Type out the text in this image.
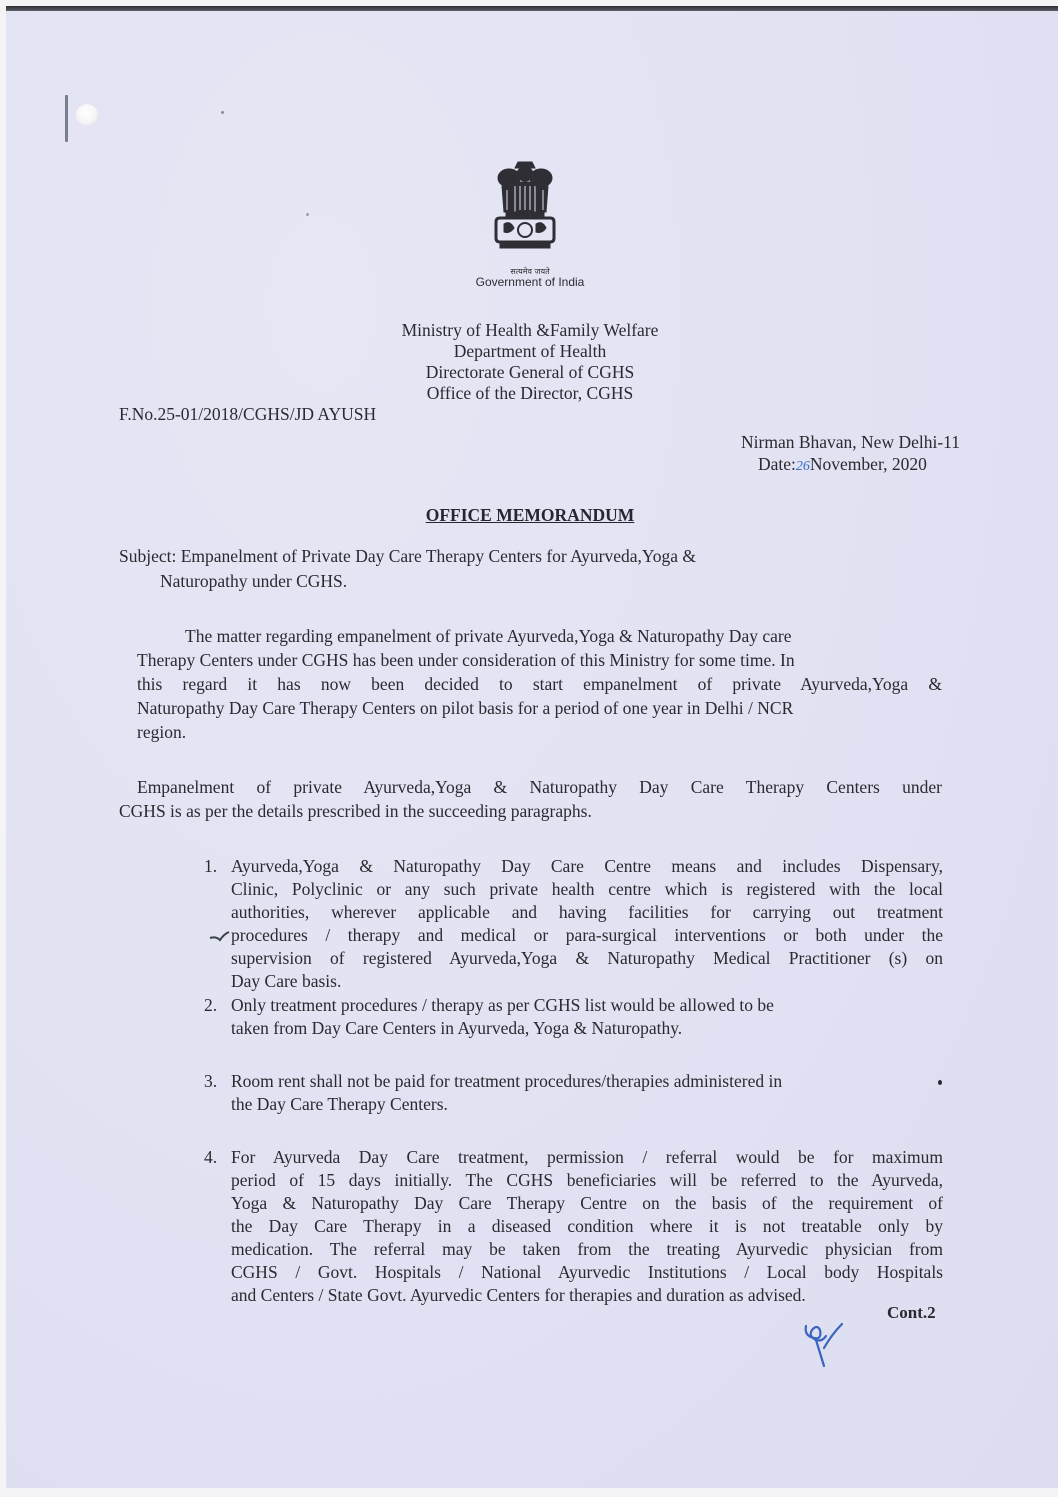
सत्यमेव जयते
Government of India
Ministry of Health &Family Welfare
Department of Health
Directorate General of CGHS
Office of the Director, CGHS
F.No.25-01/2018/CGHS/JD AYUSH
Nirman Bhavan, New Delhi-11
Date:26November, 2020
OFFICE MEMORANDUM
Subject: Empanelment of Private Day Care Therapy Centers for Ayurveda,Yoga &
Naturopathy under CGHS.
The matter regarding empanelment of private Ayurveda,Yoga & Naturopathy Day care
Therapy Centers under CGHS has been under consideration of this Ministry for some time. In
this regard it has now been decided to start empanelment of private Ayurveda,Yoga &
Naturopathy Day Care Therapy Centers on pilot basis for a period of one year in Delhi / NCR
region.
Empanelment of private Ayurveda,Yoga & Naturopathy Day Care Therapy Centers under
CGHS is as per the details prescribed in the succeeding paragraphs.
1. Ayurveda,Yoga & Naturopathy Day Care Centre means and includes Dispensary,
Clinic, Polyclinic or any such private health centre which is registered with the local
authorities, wherever applicable and having facilities for carrying out treatment
procedures / therapy and medical or para-surgical interventions or both under the
supervision of registered Ayurveda,Yoga & Naturopathy Medical Practitioner (s) on
Day Care basis.
2. Only treatment procedures / therapy as per CGHS list would be allowed to be
taken from Day Care Centers in Ayurveda, Yoga & Naturopathy.
3. Room rent shall not be paid for treatment procedures/therapies administered in
the Day Care Therapy Centers.
4. For Ayurveda Day Care treatment, permission / referral would be for maximum
period of 15 days initially. The CGHS beneficiaries will be referred to the Ayurveda,
Yoga & Naturopathy Day Care Therapy Centre on the basis of the requirement of
the Day Care Therapy in a diseased condition where it is not treatable only by
medication. The referral may be taken from the treating Ayurvedic physician from
CGHS / Govt. Hospitals / National Ayurvedic Institutions / Local body Hospitals
and Centers / State Govt. Ayurvedic Centers for therapies and duration as advised.
Cont.2
